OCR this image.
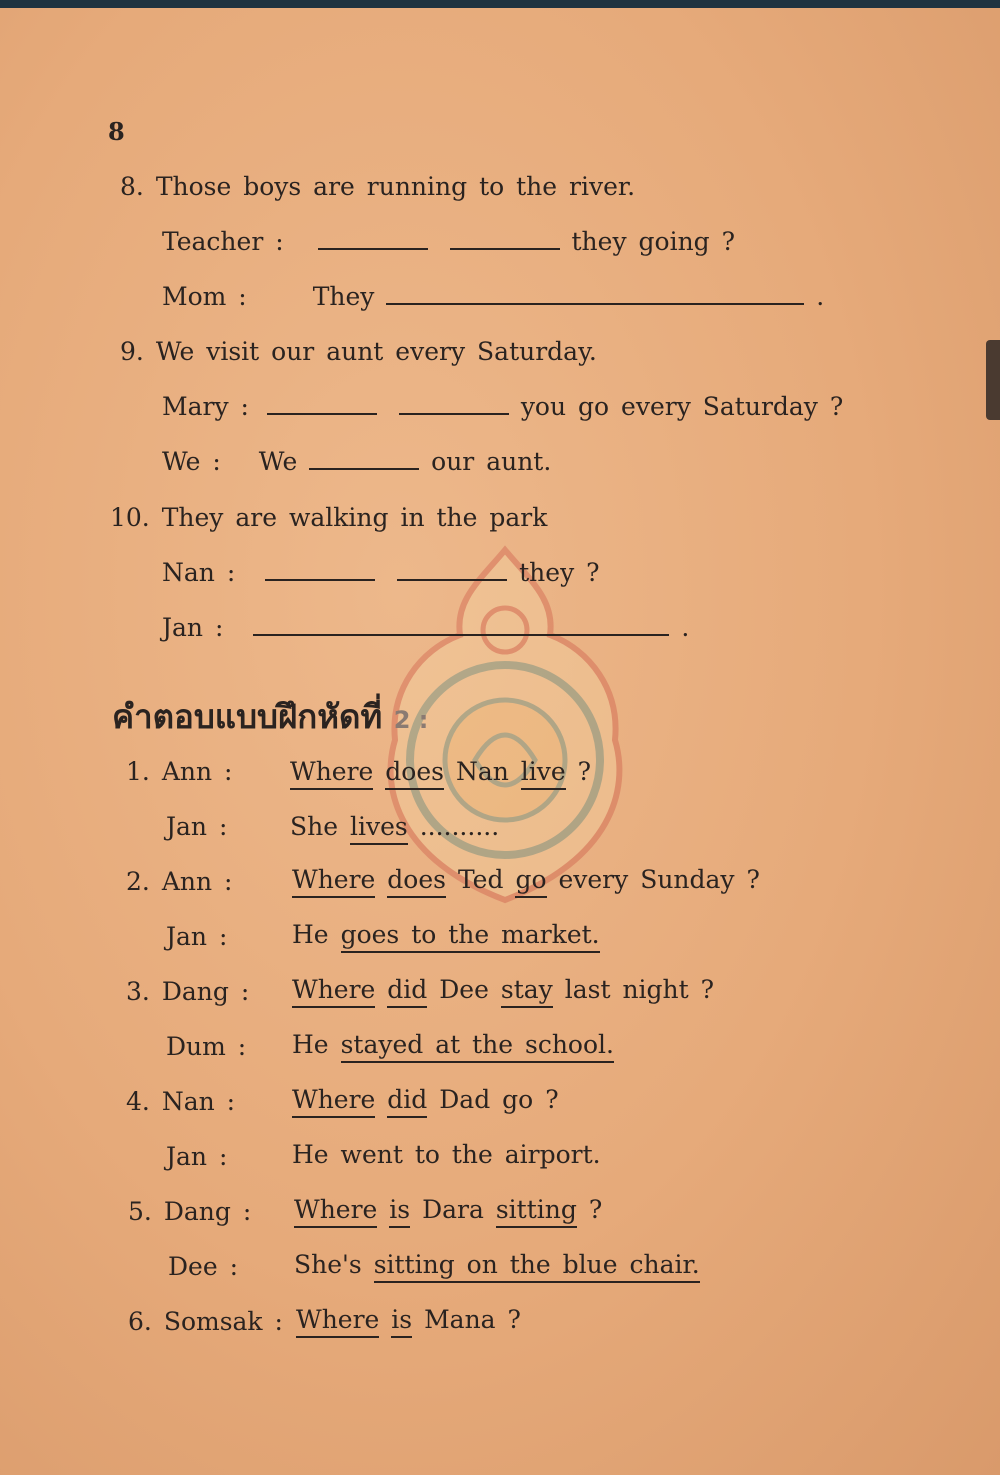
8
8. Those boys are running to the river.
Teacher :	they going ?
Mom :	They	.
9. We visit our aunt every Saturday.
Mary :	you go every Saturday ?
We : We	our aunt.
10. They are walking in the park
Nan :	they ?
Jan :	.
คำตอบแบบฝึกหัดที่ 2 :
1. Ann : Where does Nan live ?
Jan :	She lives ..........
2. Ann : Where does Ted go every Sunday ?
Jan :	He goes to the market.
3. Dang : Where did Dee stay last night ?
Dum : He stayed at the school.
4. Nan : Where did Dad go ?
Jan :	He went to the airport.
5. Dang : Where is Dara sitting ?
Dee : She's sitting on the blue chair.
6. Somsak : Where is Mana ?
